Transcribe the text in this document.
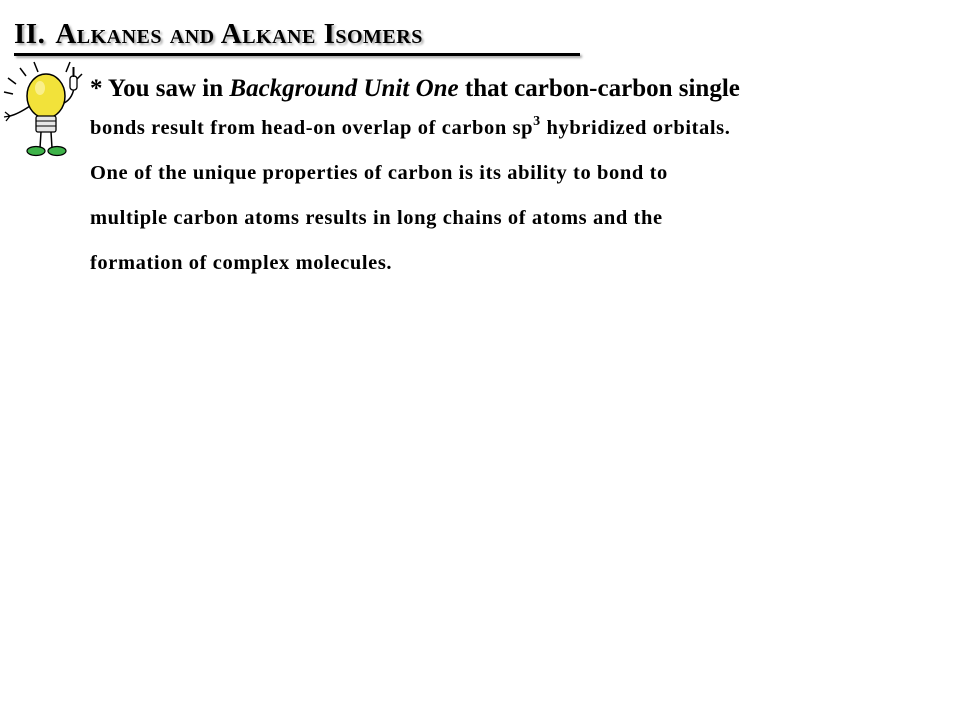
II. Alkanes and Alkane Isomers
* You saw in Background Unit One that carbon-carbon single
bonds result from head-on overlap of carbon $sp^3$ hybridized orbitals.
One of the unique properties of carbon is its ability to bond to
multiple carbon atoms results in long chains of atoms and the
formation of complex molecules.
